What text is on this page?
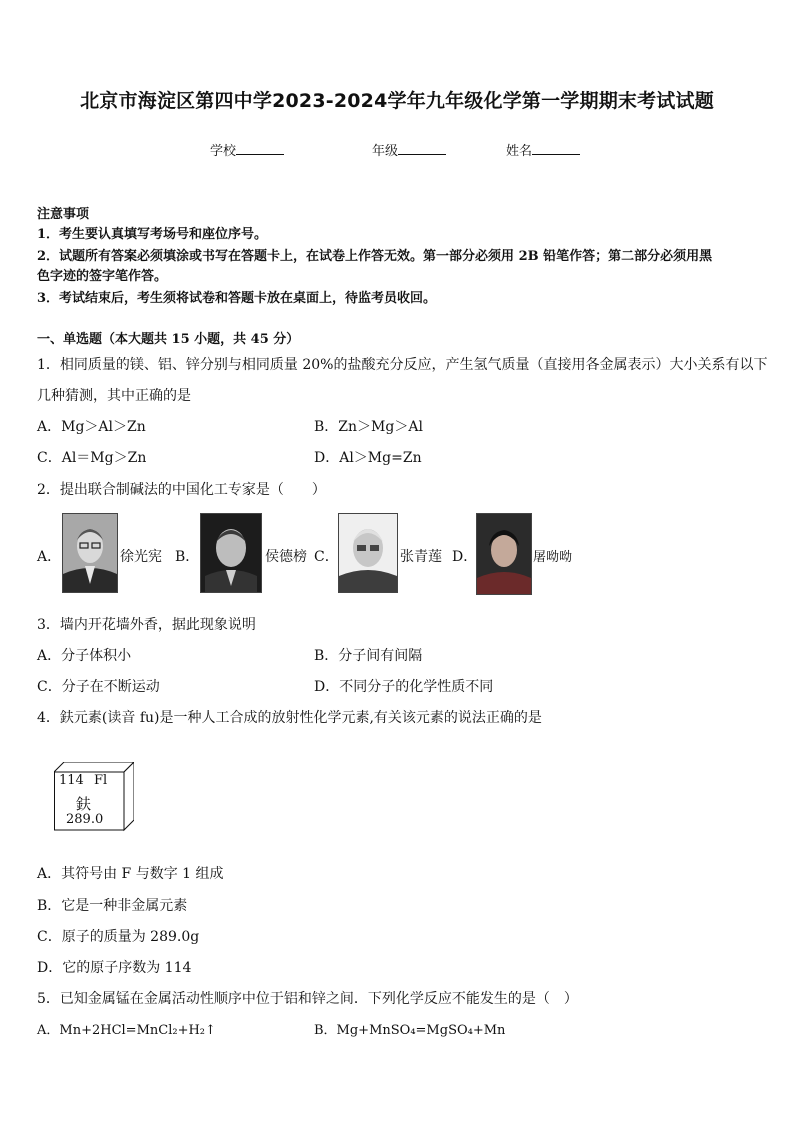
北京市海淀区第四中学2023-2024学年九年级化学第一学期期末考试试题
学校	年级	姓名
注意事项
1．考生要认真填写考场号和座位序号。
2．试题所有答案必须填涂或书写在答题卡上，在试卷上作答无效。第一部分必须用 2B 铅笔作答；第二部分必须用黑
色字迹的签字笔作答。
3．考试结束后，考生须将试卷和答题卡放在桌面上，待监考员收回。
一、单选题（本大题共 15 小题，共 45 分）
1．相同质量的镁、铝、锌分别与相同质量 20%的盐酸充分反应，产生氢气质量（直接用各金属表示）大小关系有以下
几种猜测，其中正确的是
A．Mg＞Al＞Zn	B．Zn＞Mg＞Al
C．Al＝Mg＞Zn	D．Al＞Mg=Zn
2．提出联合制碱法的中国化工专家是（　　）
A．	徐光宪 B．	侯德榜 C．	张青莲 D．	屠呦呦
3．墙内开花墙外香，据此现象说明
A．分子体积小	B．分子间有间隔
C．分子在不断运动	D．不同分子的化学性质不同
4．鈇元素(读音 fu)是一种人工合成的放射性化学元素,有关该元素的说法正确的是
114 Fl
鈇
289.0
A．其符号由 F 与数字 1 组成
B．它是一种非金属元素
C．原子的质量为 289.0g
D．它的原子序数为 114
5．已知金属锰在金属活动性顺序中位于铝和锌之间．下列化学反应不能发生的是（　）
A．Mn+2HCl=MnCl₂+H₂↑	B．Mg+MnSO₄=MgSO₄+Mn
